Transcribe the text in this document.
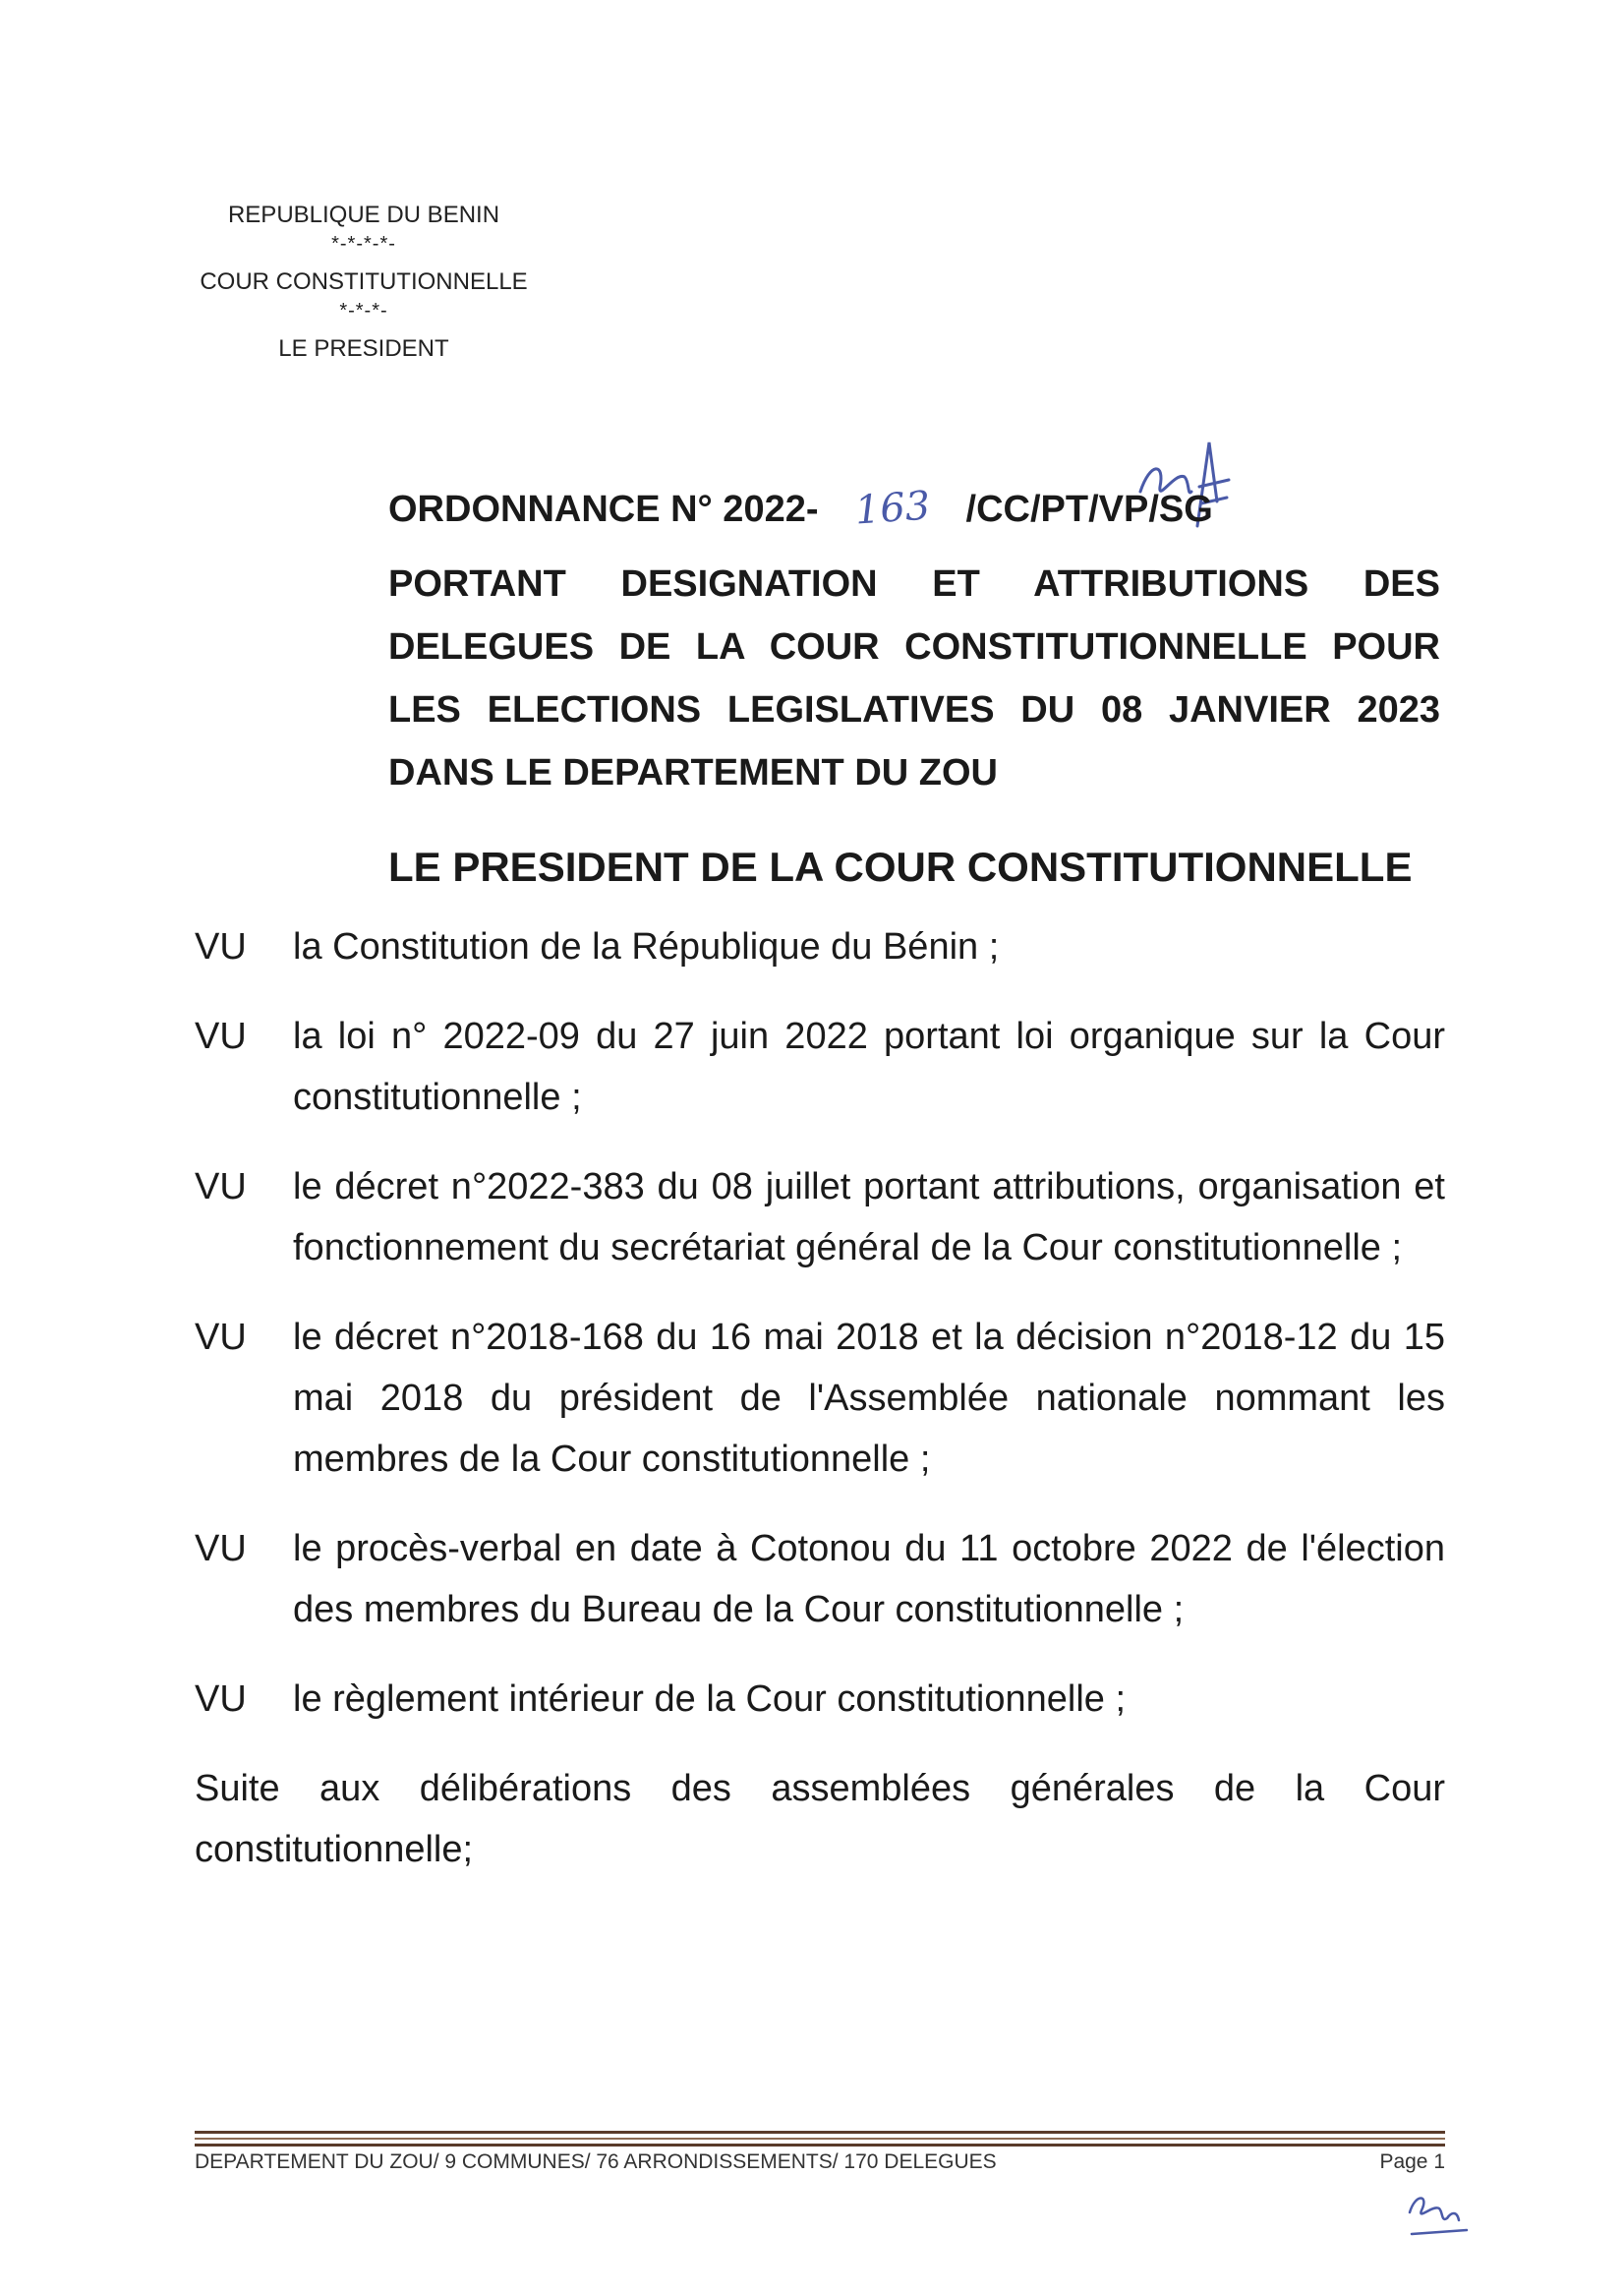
REPUBLIQUE DU BENIN
*-*-*-*-
COUR CONSTITUTIONNELLE
*-*-*-
LE PRESIDENT
ORDONNANCE N° 2022- 163 /CC/PT/VP/SG
PORTANT DESIGNATION ET ATTRIBUTIONS DES DELEGUES DE LA COUR CONSTITUTIONNELLE POUR LES ELECTIONS LEGISLATIVES DU 08 JANVIER 2023 DANS LE DEPARTEMENT DU ZOU
LE PRESIDENT DE LA COUR CONSTITUTIONNELLE
VU	la Constitution de la République du Bénin ;
VU	la loi n° 2022-09 du 27 juin 2022 portant loi organique sur la Cour constitutionnelle ;
VU	le décret n°2022-383 du 08 juillet portant attributions, organisation et fonctionnement du secrétariat général de la Cour constitutionnelle ;
VU	le décret n°2018-168 du 16 mai 2018 et la décision n°2018-12 du 15 mai 2018 du président de l'Assemblée nationale nommant les membres de la Cour constitutionnelle ;
VU	le procès-verbal en date à Cotonou du 11 octobre 2022 de l'élection des membres du Bureau de la Cour constitutionnelle ;
VU	le règlement intérieur de la Cour constitutionnelle ;
Suite aux délibérations des assemblées générales de la Cour constitutionnelle;
DEPARTEMENT DU ZOU/ 9 COMMUNES/ 76 ARRONDISSEMENTS/ 170 DELEGUES	Page 1
